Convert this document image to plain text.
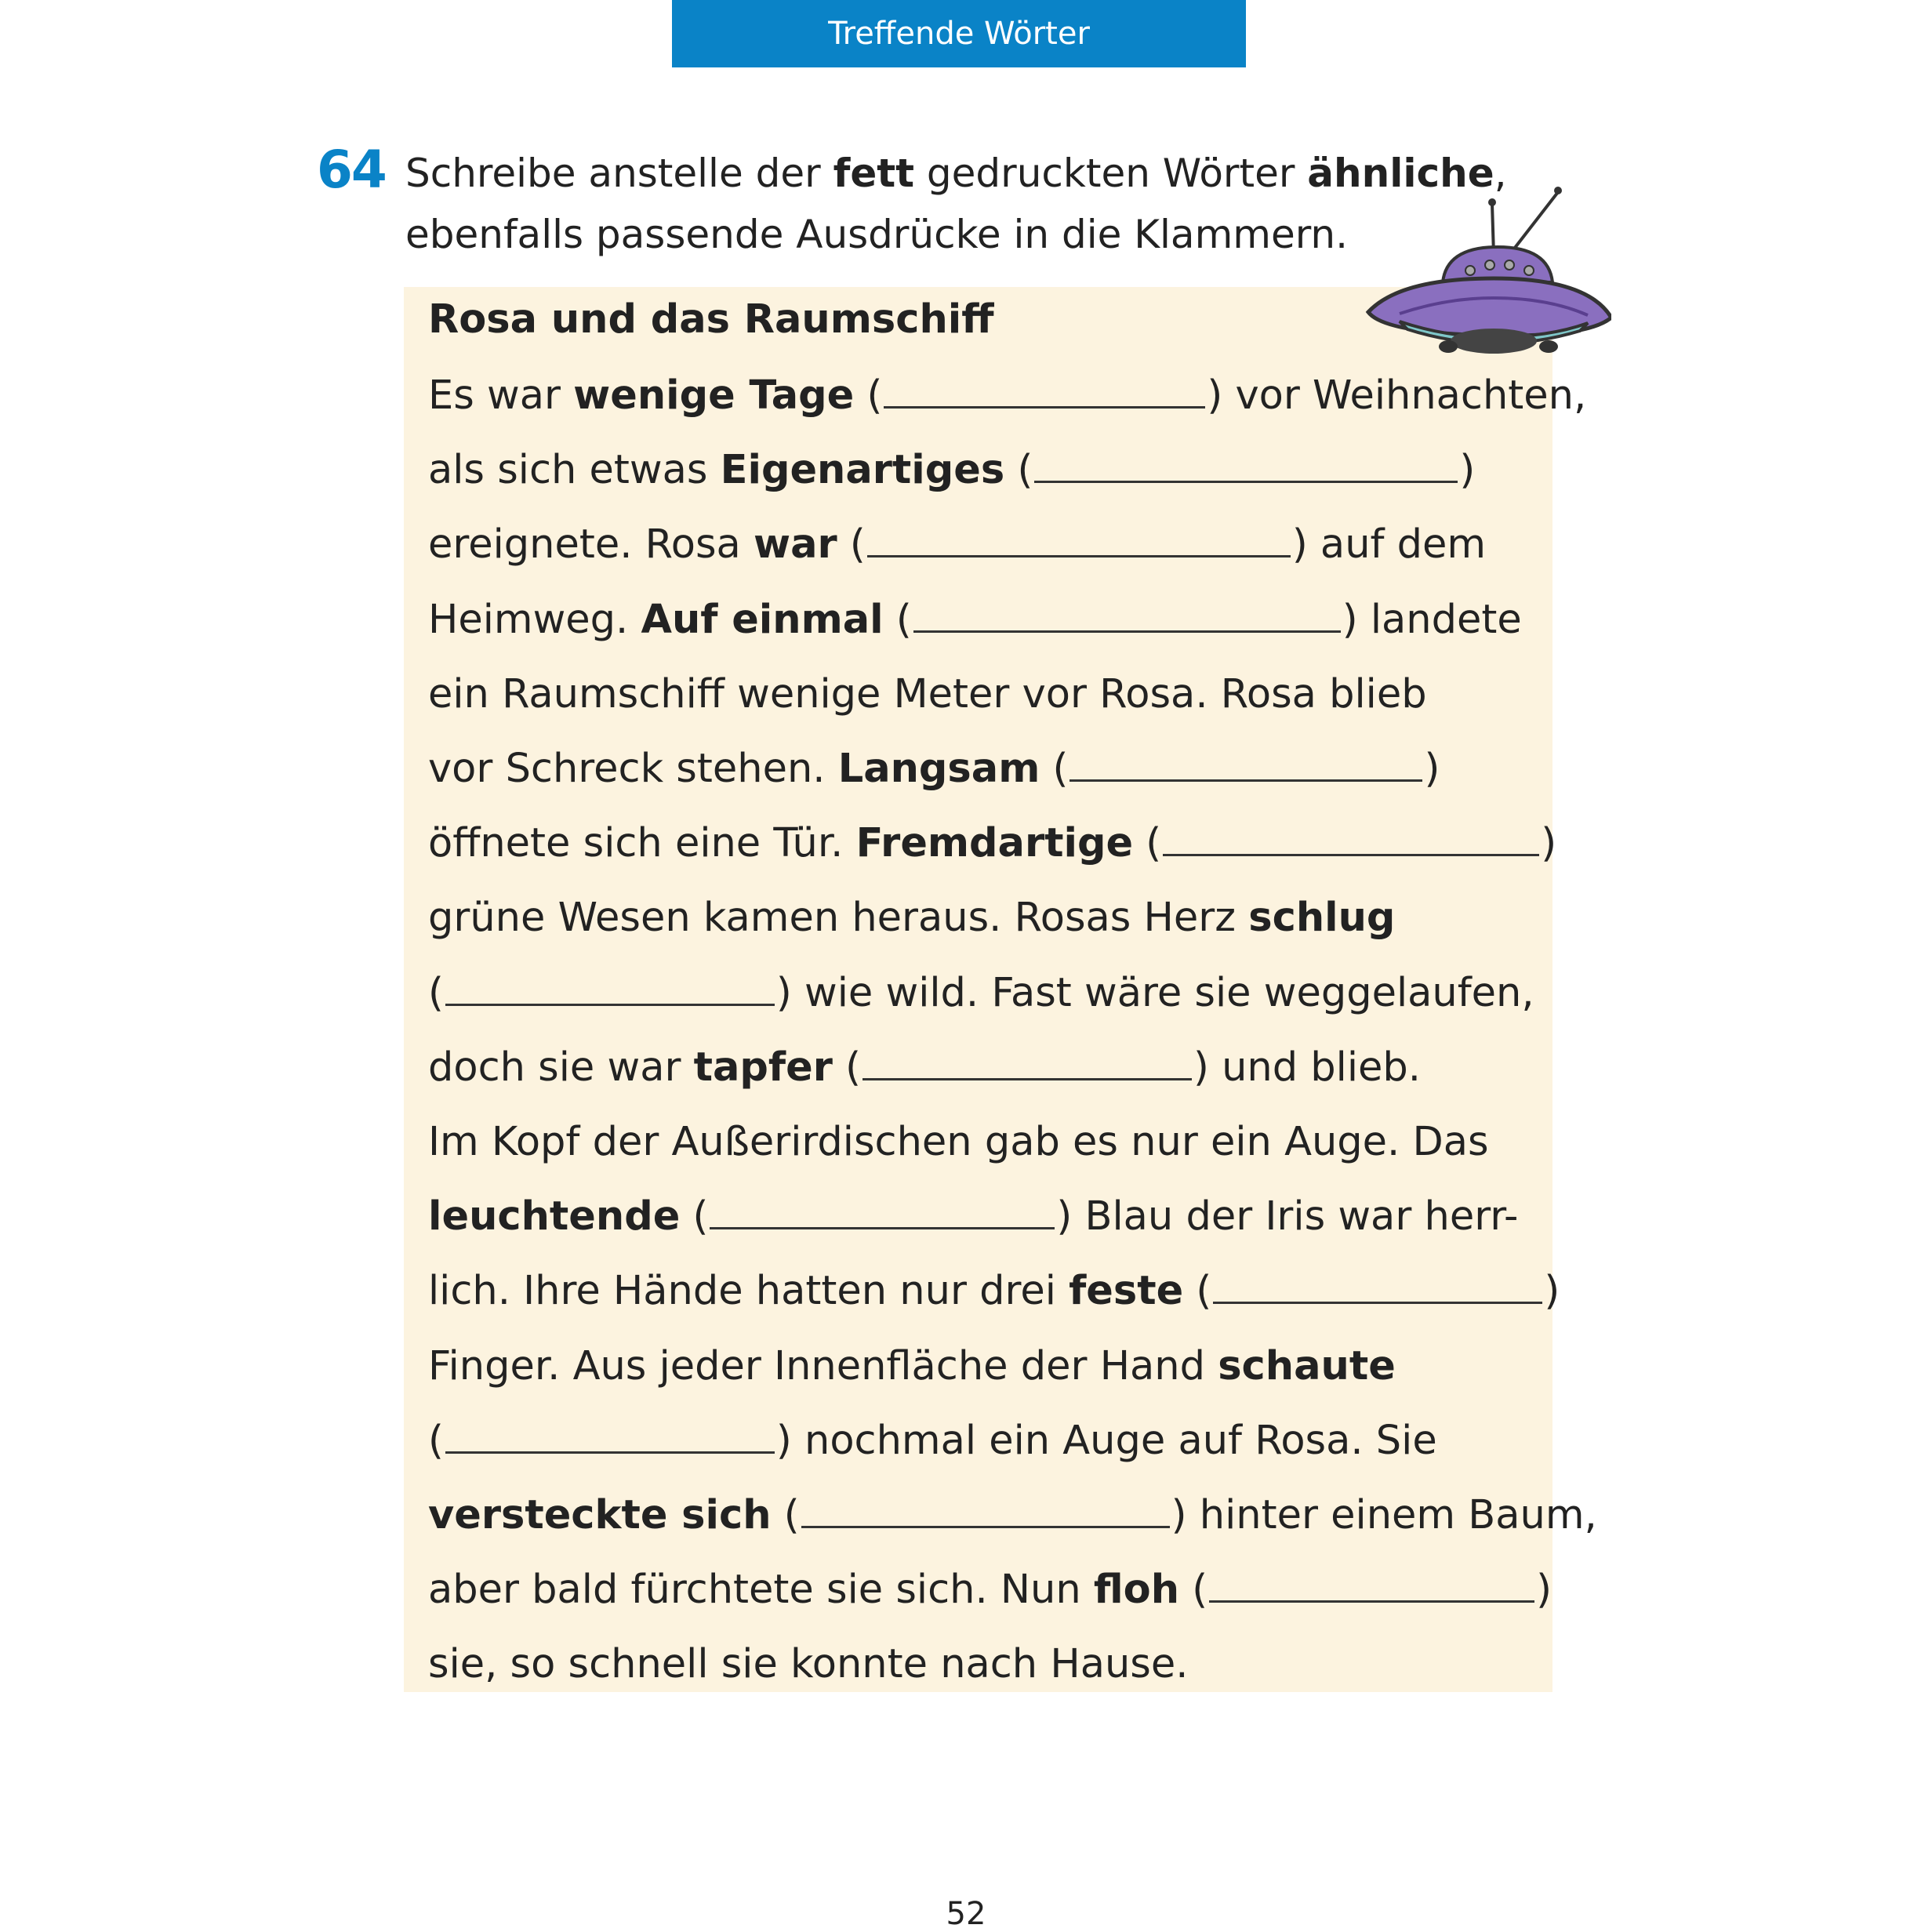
Treffende Wörter
64 Schreibe anstelle der fett gedruckten Wörter ähnliche, ebenfalls passende Ausdrücke in die Klammern.
Rosa und das Raumschiff
Es war wenige Tage (	) vor Weihnachten,
als sich etwas Eigenartiges (	)
ereignete. Rosa war (	) auf dem
Heimweg. Auf einmal (	) landete
ein Raumschiff wenige Meter vor Rosa. Rosa blieb
vor Schreck stehen. Langsam (	)
öffnete sich eine Tür. Fremdartige (	)
grüne Wesen kamen heraus. Rosas Herz schlug
(	) wie wild. Fast wäre sie weggelaufen,
doch sie war tapfer (	) und blieb.
Im Kopf der Außerirdischen gab es nur ein Auge. Das
leuchtende (	) Blau der Iris war herr-
lich. Ihre Hände hatten nur drei feste (	)
Finger. Aus jeder Innenfläche der Hand schaute
(	) nochmal ein Auge auf Rosa. Sie
versteckte sich (	) hinter einem Baum,
aber bald fürchtete sie sich. Nun floh (	)
sie, so schnell sie konnte nach Hause.
52
